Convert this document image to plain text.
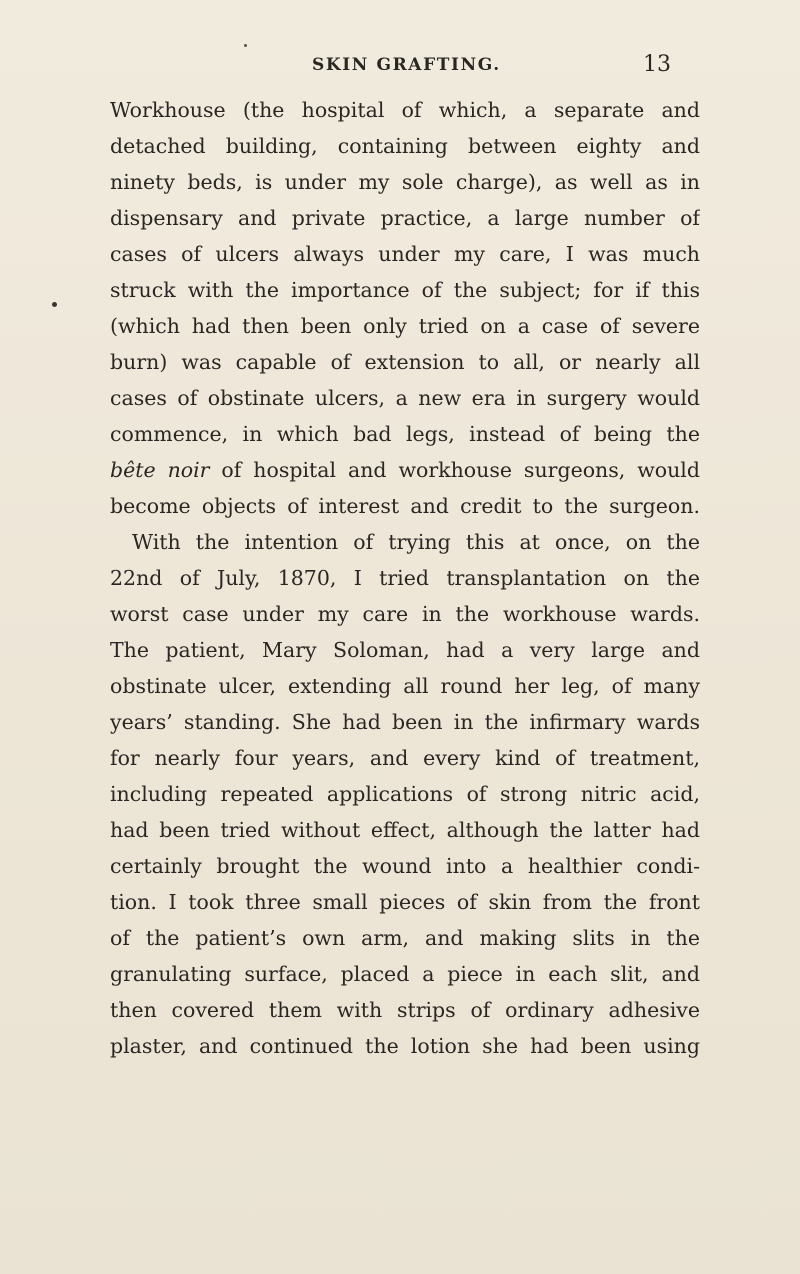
SKIN GRAFTING.	13
Workhouse (the hospital of which, a separate and
detached building, containing between eighty and
ninety beds, is under my sole charge), as well as in
dispensary and private practice, a large number of
cases of ulcers always under my care, I was much
struck with the importance of the subject; for if this
(which had then been only tried on a case of severe
burn) was capable of extension to all, or nearly all
cases of obstinate ulcers, a new era in surgery would
commence, in which bad legs, instead of being the
bête noir of hospital and workhouse surgeons, would
become objects of interest and credit to the surgeon.
With the intention of trying this at once, on the
22nd of July, 1870, I tried transplantation on the
worst case under my care in the workhouse wards.
The patient, Mary Soloman, had a very large and
obstinate ulcer, extending all round her leg, of many
years’ standing. She had been in the infirmary wards
for nearly four years, and every kind of treatment,
including repeated applications of strong nitric acid,
had been tried without effect, although the latter had
certainly brought the wound into a healthier condi-
tion. I took three small pieces of skin from the front
of the patient’s own arm, and making slits in the
granulating surface, placed a piece in each slit, and
then covered them with strips of ordinary adhesive
plaster, and continued the lotion she had been using
